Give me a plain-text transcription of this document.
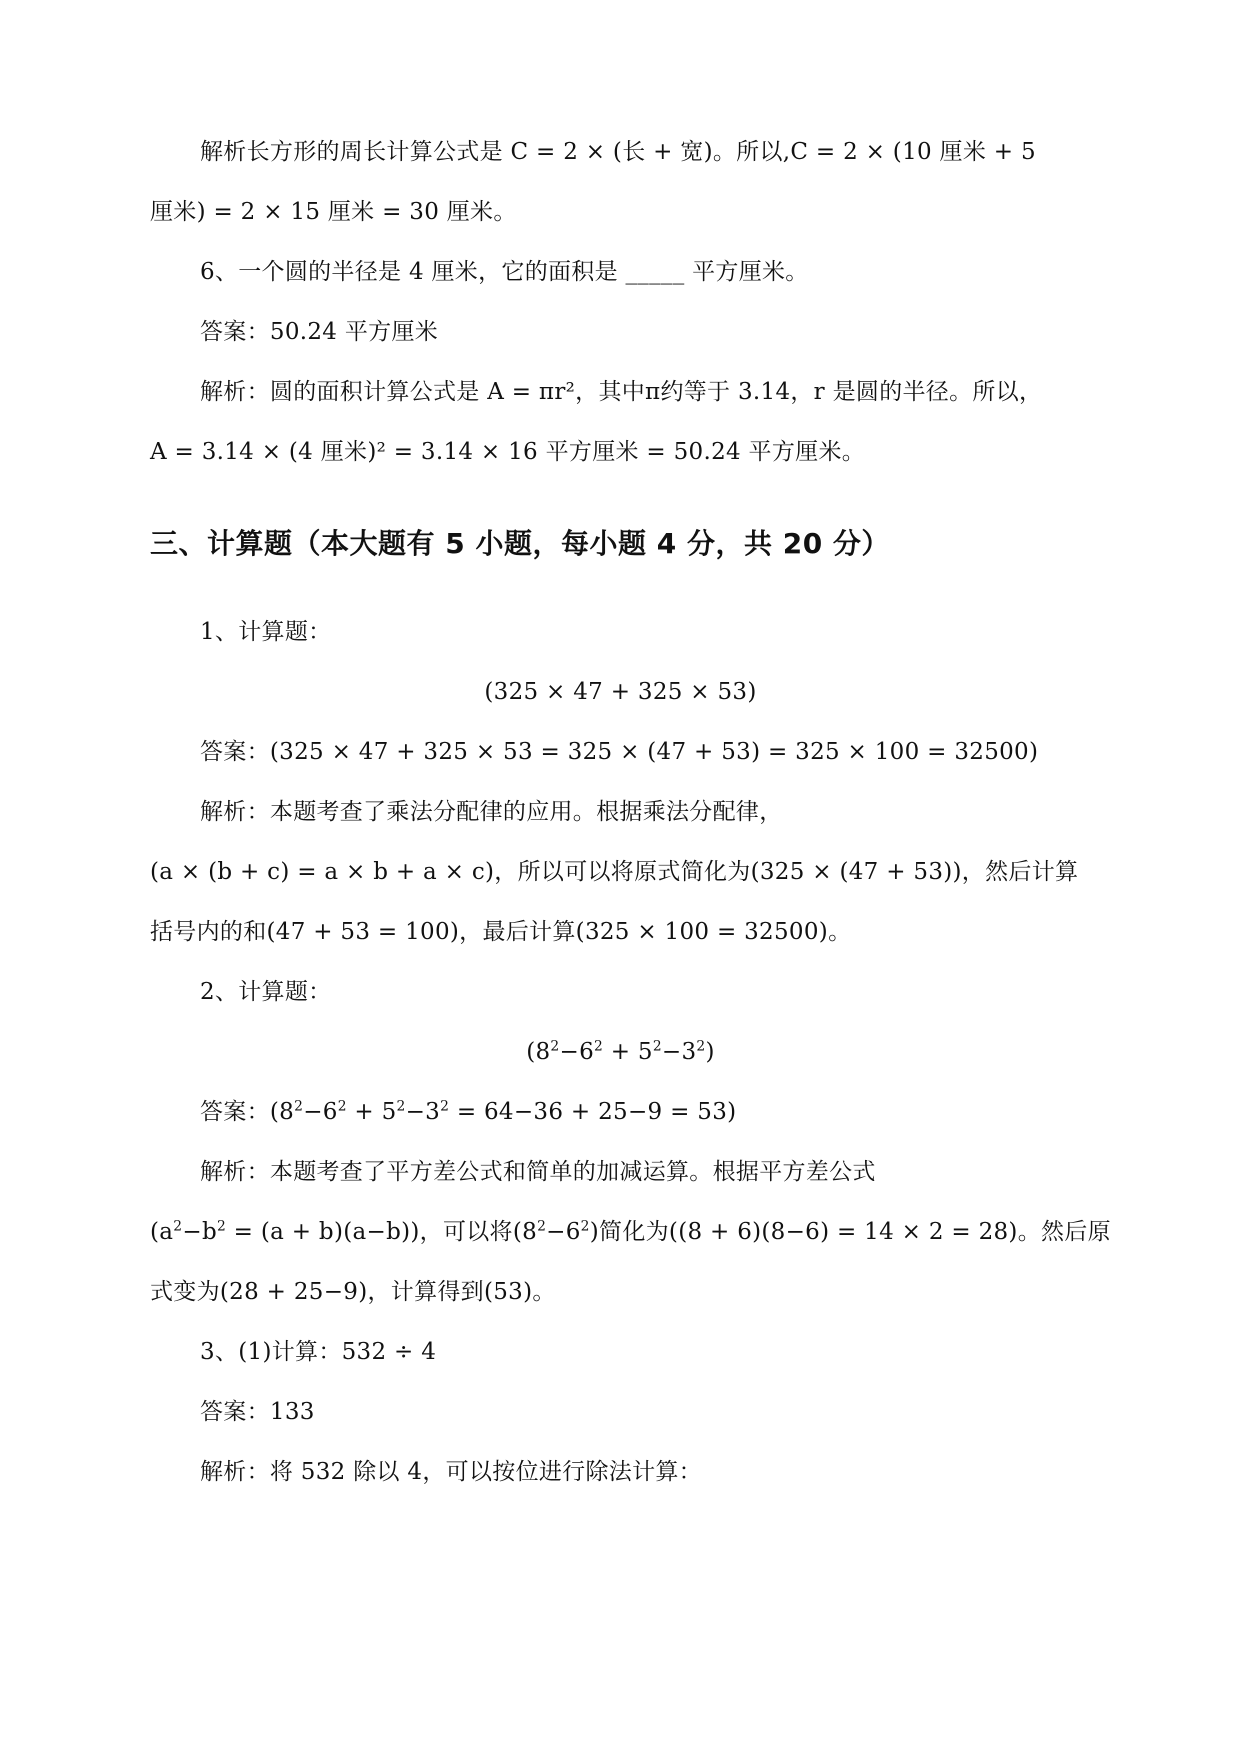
解析长方形的周长计算公式是 C = 2 × (长 + 宽)。所以,C = 2 × (10 厘米 + 5
厘米) = 2 × 15 厘米 = 30 厘米。
6、一个圆的半径是 4 厘米，它的面积是 _____ 平方厘米。
答案：50.24 平方厘米
解析：圆的面积计算公式是 A = πr²，其中π约等于 3.14，r 是圆的半径。所以，
A = 3.14 × (4 厘米)² = 3.14 × 16 平方厘米 = 50.24 平方厘米。
三、计算题（本大题有 5 小题，每小题 4 分，共 20 分）
1、计算题：
(325 × 47 + 325 × 53)
答案：(325 × 47 + 325 × 53 = 325 × (47 + 53) = 325 × 100 = 32500)
解析：本题考查了乘法分配律的应用。根据乘法分配律，
(a × (b + c) = a × b + a × c)，所以可以将原式简化为(325 × (47 + 53))，然后计算
括号内的和(47 + 53 = 100)，最后计算(325 × 100 = 32500)。
2、计算题：
$(8^2-6^2 + 5^2-3^2)$
答案：$(8^2-6^2 + 5^2-3^2 = 64-36 + 25-9 = 53)$
解析：本题考查了平方差公式和简单的加减运算。根据平方差公式
$(a^2-b^2 = (a + b)(a-b))$，可以将$(8^2-6^2)$简化为((8 + 6)(8−6) = 14 × 2 = 28)。然后原
式变为(28 + 25−9)，计算得到(53)。
3、(1)计算：532 ÷ 4
答案：133
解析：将 532 除以 4，可以按位进行除法计算：
